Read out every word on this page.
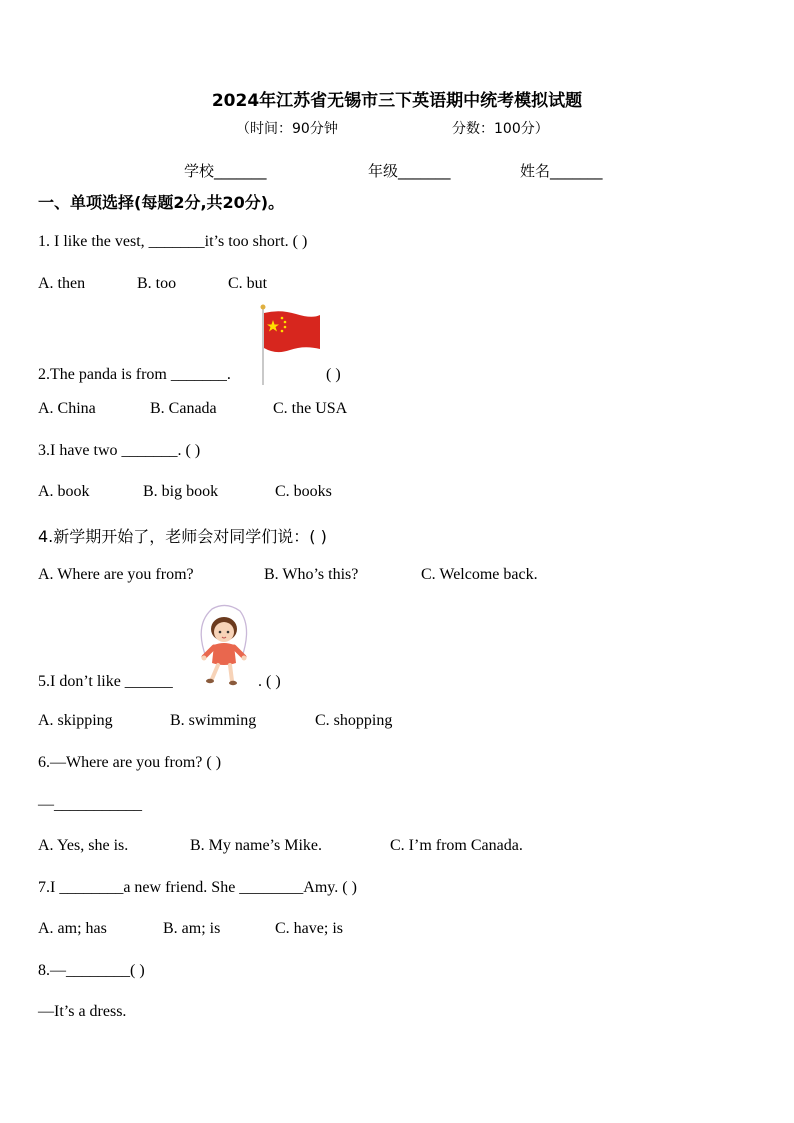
2024年江苏省无锡市三下英语期中统考模拟试题
（时间：90分钟	分数：100分）
学校_______	年级_______	姓名_______
一、单项选择(每题2分,共20分)。
1. I like the vest, _______it’s too short. ( )
A. then	B. too	C. but
2.The panda is from _______.	( )
A. China	B. Canada	C. the USA
3.I have two _______. ( )
A. book	B. big book	C. books
4.新学期开始了，老师会对同学们说：( )
A. Where are you from?	B. Who’s this?	C. Welcome back.
5.I don’t like ______	. ( )
A. skipping	B. swimming	C. shopping
6.—Where are you from? ( )
—___________
A. Yes, she is.	B. My name’s Mike.	C. I’m from Canada.
7.I ________a new friend. She ________Amy. ( )
A. am; has	B. am; is	C. have; is
8.—________( )
—It’s a dress.
